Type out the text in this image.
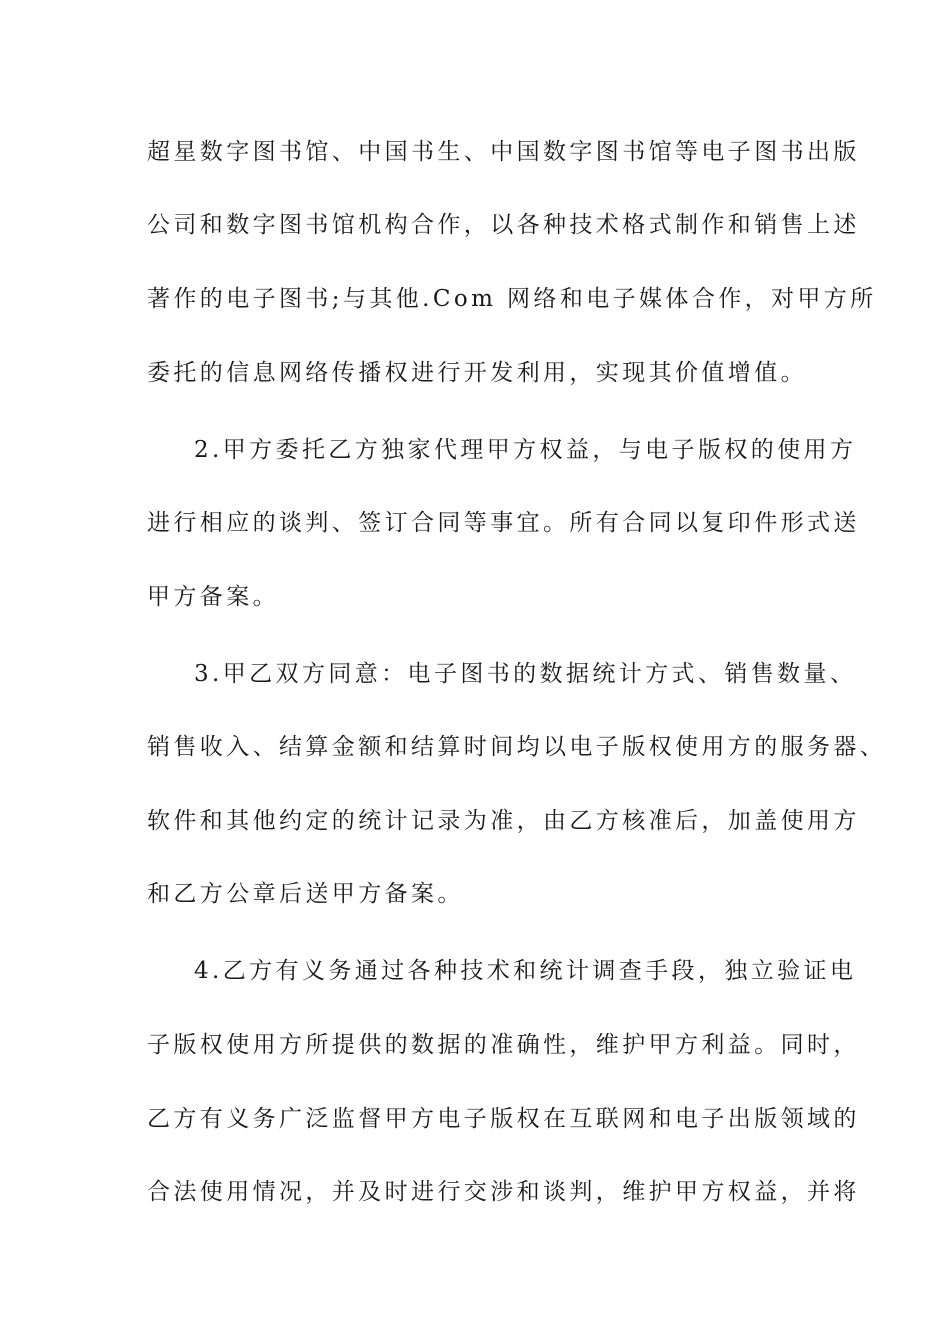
超星数字图书馆、中国书生、中国数字图书馆等电子图书出版
公司和数字图书馆机构合作，以各种技术格式制作和销售上述
著作的电子图书;与其他.Com 网络和电子媒体合作，对甲方所
委托的信息网络传播权进行开发利用，实现其价值增值。
2.甲方委托乙方独家代理甲方权益，与电子版权的使用方
进行相应的谈判、签订合同等事宜。所有合同以复印件形式送
甲方备案。
3.甲乙双方同意：电子图书的数据统计方式、销售数量、
销售收入、结算金额和结算时间均以电子版权使用方的服务器、
软件和其他约定的统计记录为准，由乙方核准后，加盖使用方
和乙方公章后送甲方备案。
4.乙方有义务通过各种技术和统计调查手段，独立验证电
子版权使用方所提供的数据的准确性，维护甲方利益。同时，
乙方有义务广泛监督甲方电子版权在互联网和电子出版领域的
合法使用情况，并及时进行交涉和谈判，维护甲方权益，并将
